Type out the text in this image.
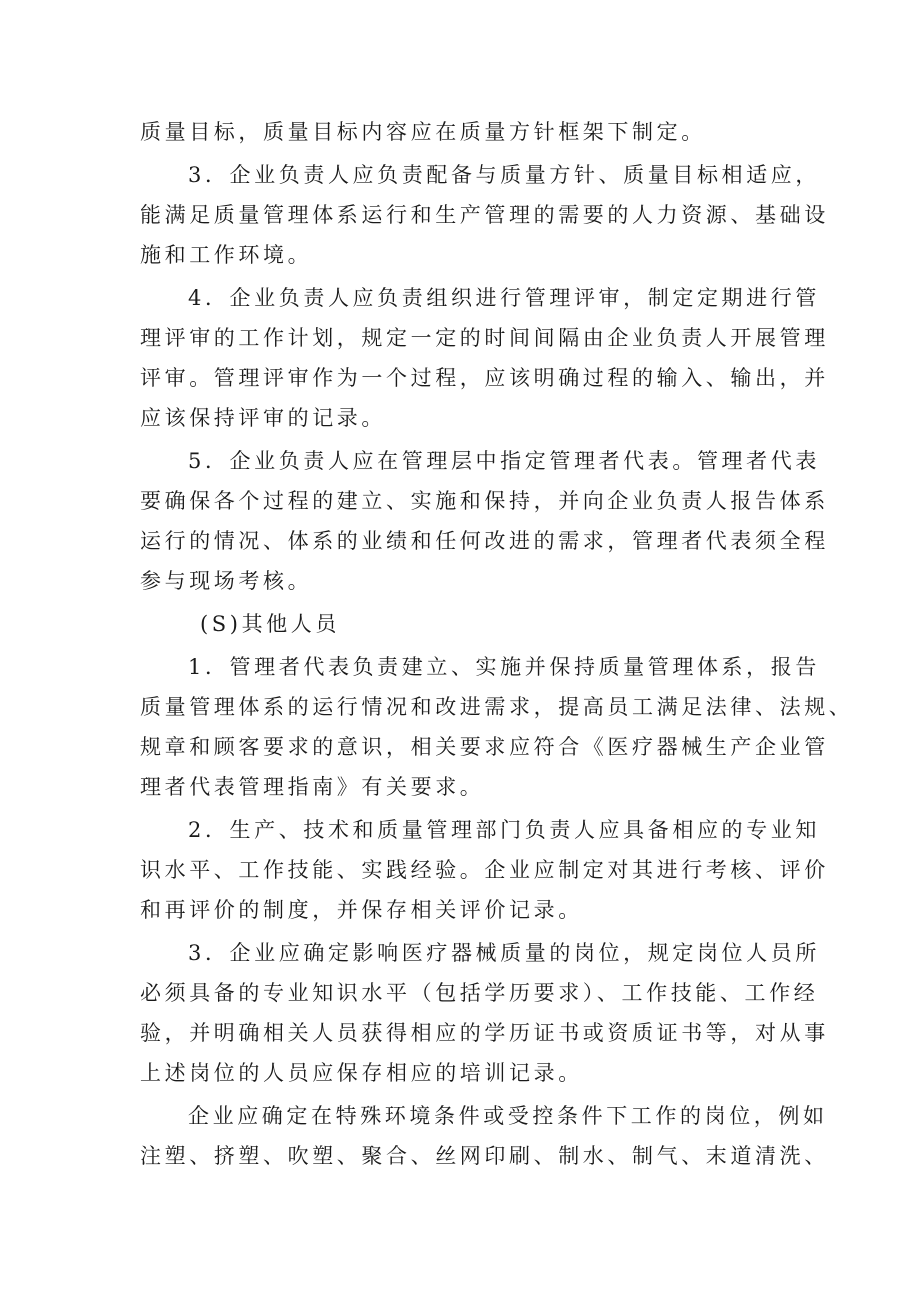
质量目标，质量目标内容应在质量方针框架下制定。
3．企业负责人应负责配备与质量方针、质量目标相适应，
能满足质量管理体系运行和生产管理的需要的人力资源、基础设
施和工作环境。
4．企业负责人应负责组织进行管理评审，制定定期进行管
理评审的工作计划，规定一定的时间间隔由企业负责人开展管理
评审。管理评审作为一个过程，应该明确过程的输入、输出，并
应该保持评审的记录。
5．企业负责人应在管理层中指定管理者代表。管理者代表
要确保各个过程的建立、实施和保持，并向企业负责人报告体系
运行的情况、体系的业绩和任何改进的需求，管理者代表须全程
参与现场考核。
(S)其他人员
1．管理者代表负责建立、实施并保持质量管理体系，报告
质量管理体系的运行情况和改进需求，提高员工满足法律、法规、
规章和顾客要求的意识，相关要求应符合《医疗器械生产企业管
理者代表管理指南》有关要求。
2．生产、技术和质量管理部门负责人应具备相应的专业知
识水平、工作技能、实践经验。企业应制定对其进行考核、评价
和再评价的制度，并保存相关评价记录。
3．企业应确定影响医疗器械质量的岗位，规定岗位人员所
必须具备的专业知识水平（包括学历要求）、工作技能、工作经
验，并明确相关人员获得相应的学历证书或资质证书等，对从事
上述岗位的人员应保存相应的培训记录。
企业应确定在特殊环境条件或受控条件下工作的岗位，例如
注塑、挤塑、吹塑、聚合、丝网印刷、制水、制气、末道清洗、
